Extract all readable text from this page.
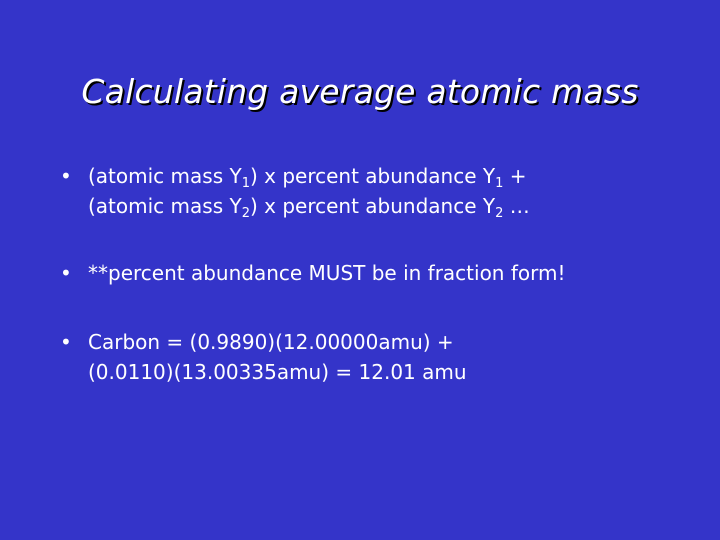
Calculating average atomic mass
• (atomic mass $Y_1$) x percent abundance $Y_1$ +
(atomic mass $Y_2$) x percent abundance $Y_2$ …
• **percent abundance MUST be in fraction form!
• Carbon = (0.9890)(12.00000amu) +
(0.0110)(13.00335amu) = 12.01 amu
